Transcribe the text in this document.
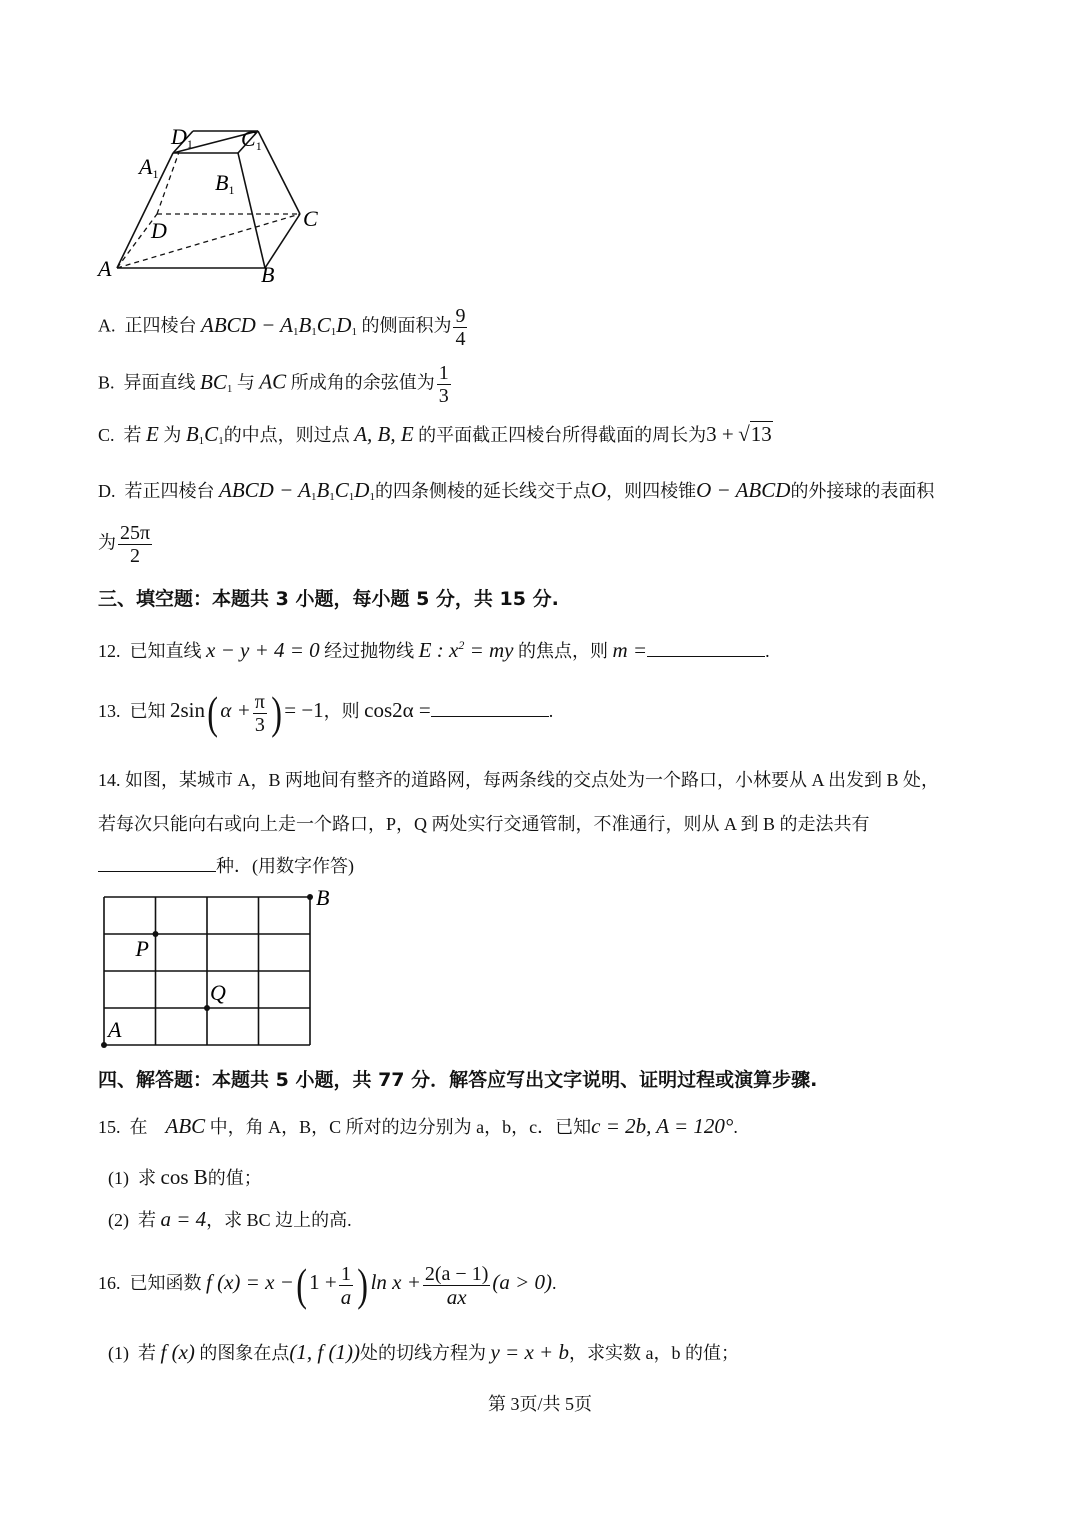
D1 C1
A1	B1
C
D
A	B
A. 正四棱台 ABCD − $A_1B_1C_1D_1$ 的侧面积为 $\frac{9}{4}$
B. 异面直线 $BC_1$ 与 AC 所成角的余弦值为 $\frac{1}{3}$
C. 若 E 为 $B_1C_1$的中点，则过点 A, B, E 的平面截正四棱台所得截面的周长为3 + √13
D. 若正四棱台 ABCD − $A_1B_1C_1D_1$的四条侧棱的延长线交于点O，则四棱锥O − ABCD的外接球的表面积
为 $\frac{25\pi}{2}$
三、填空题：本题共 3 小题，每小题 5 分，共 15 分.
12. 已知直线 x − y + 4 = 0 经过抛物线 E : $x^2$ = my 的焦点，则 m =	.
13. 已知 2sin( $\alpha + \frac{\pi}{3}$ ) = −1，则 cos2α =	.
14. 如图，某城市 A，B 两地间有整齐的道路网，每两条线的交点处为一个路口，小林要从 A 出发到 B 处，
若每次只能向右或向上走一个路口，P，Q 两处实行交通管制，不准通行，则从 A 到 B 的走法共有
种．(用数字作答)
A
B
P
Q
四、解答题：本题共 5 小题，共 77 分．解答应写出文字说明、证明过程或演算步骤.
15. 在 ABC 中，角 A，B，C 所对的边分别为 a，b，c．已知c = 2b, A = 120°.
(1) 求 cos B的值；
(2) 若 a = 4，求 BC 边上的高.
16. 已知函数 f (x) = x −( $1 + \frac{1}{a}$ ) $\ln x + \frac{2(a - 1)}{ax} (a > 0)$.
(1) 若 f (x) 的图象在点(1, f (1))处的切线方程为 y = x + b，求实数 a，b 的值；
第 3页/共 5页
